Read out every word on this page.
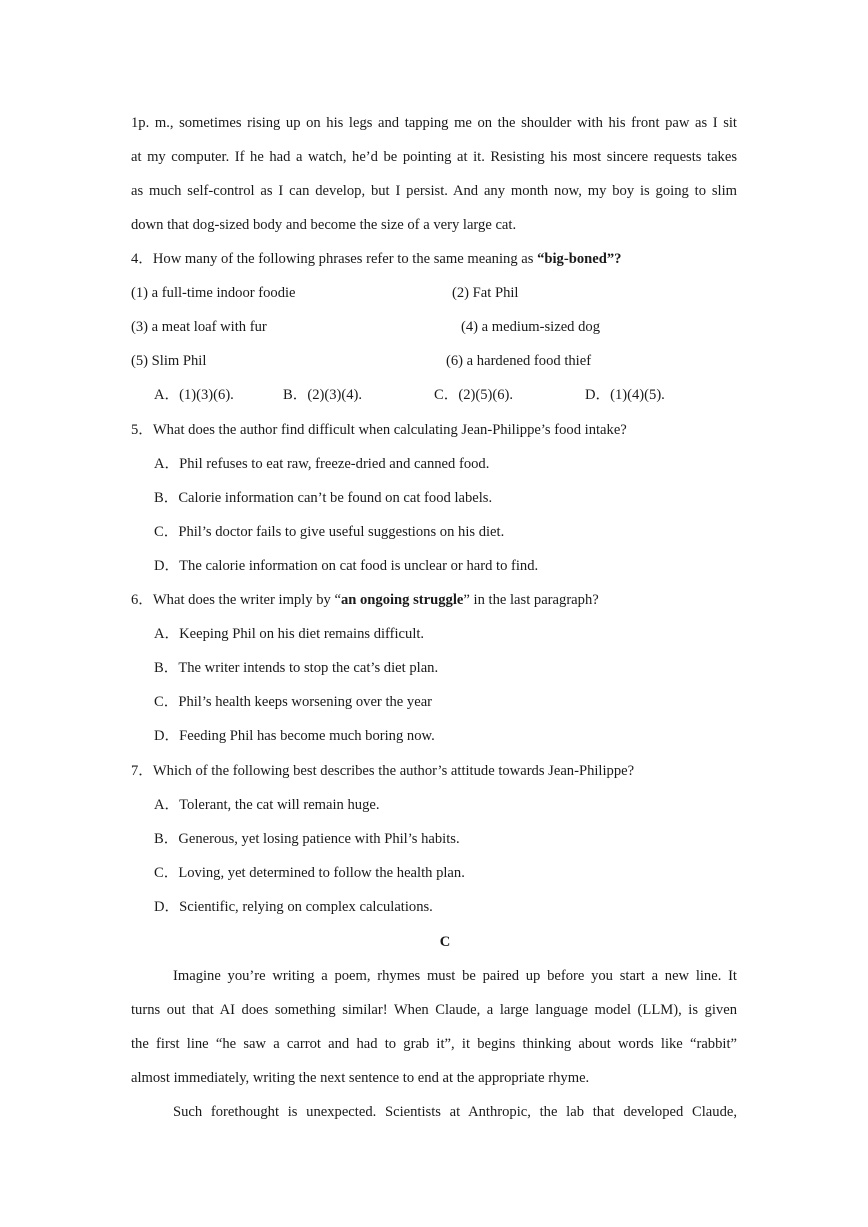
1p. m., sometimes rising up on his legs and tapping me on the shoulder with his front paw as I sit
at my computer. If he had a watch, he’d be pointing at it. Resisting his most sincere requests takes
as much self-control as I can develop, but I persist. And any month now, my boy is going to slim
down that dog-sized body and become the size of a very large cat.
4．How many of the following phrases refer to the same meaning as “big-boned”?
(1) a full-time indoor foodie	(2) Fat Phil
(3) a meat loaf with fur	(4) a medium-sized dog
(5) Slim Phil	(6) a hardened food thief
A．(1)(3)(6).	B．(2)(3)(4).	C．(2)(5)(6).	D．(1)(4)(5).
5．What does the author find difficult when calculating Jean-Philippe’s food intake?
A．Phil refuses to eat raw, freeze-dried and canned food.
B．Calorie information can’t be found on cat food labels.
C．Phil’s doctor fails to give useful suggestions on his diet.
D．The calorie information on cat food is unclear or hard to find.
6．What does the writer imply by “an ongoing struggle” in the last paragraph?
A．Keeping Phil on his diet remains difficult.
B．The writer intends to stop the cat’s diet plan.
C．Phil’s health keeps worsening over the year
D．Feeding Phil has become much boring now.
7．Which of the following best describes the author’s attitude towards Jean-Philippe?
A．Tolerant, the cat will remain huge.
B．Generous, yet losing patience with Phil’s habits.
C．Loving, yet determined to follow the health plan.
D．Scientific, relying on complex calculations.
C
Imagine you’re writing a poem, rhymes must be paired up before you start a new line. It
turns out that AI does something similar! When Claude, a large language model (LLM), is given
the first line “he saw a carrot and had to grab it”, it begins thinking about words like “rabbit”
almost immediately, writing the next sentence to end at the appropriate rhyme.
Such forethought is unexpected. Scientists at Anthropic, the lab that developed Claude,
